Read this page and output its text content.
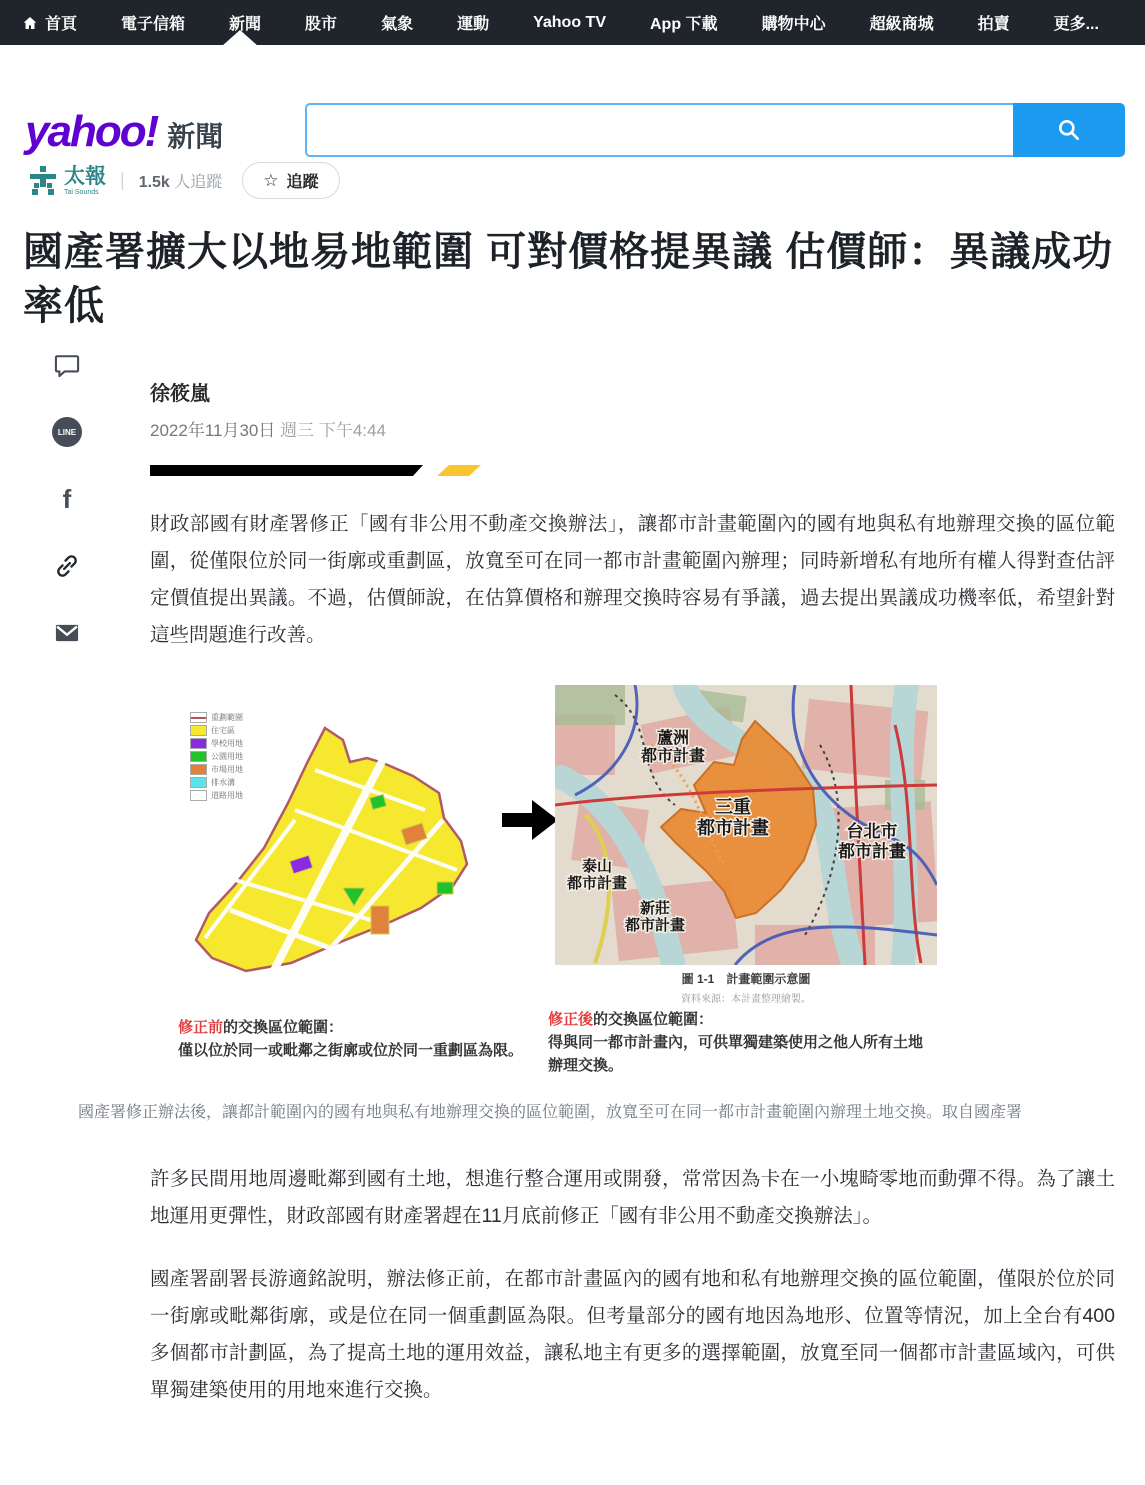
首頁	電子信箱	新聞	股市	氣象	運動	Yahoo TV	App 下載	購物中心	超級商城	拍賣	更多...
yahoo! 新聞
太報
Tai Sounds
| 1.5k 人追蹤 ☆ 追蹤
國產署擴大以地易地範圍 可對價格提異議 估價師：異議成功率低
LINE
f
徐筱嵐
2022年11月30日 週三 下午4:44

財政部國有財產署修正「國有非公用不動產交換辦法」，讓都市計畫範圍內的國有地與私有地辦理交換的區位範圍，從僅限位於同一街廓或重劃區，放寬至可在同一都市計畫範圍內辦理；同時新增私有地所有權人得對查估評定價值提出異議。不過，估價師說，在估算價格和辦理交換時容易有爭議，過去提出異議成功機率低，希望針對這些問題進行改善。

重劃範圍
住宅區
學校用地
公園用地
市場用地
排水溝
道路用地
蘆洲
都市計畫
三重
都市計畫	台北市
都市計畫
泰山
都市計畫
新莊
都市計畫
圖 1-1　計畫範圍示意圖
資料來源：本計畫整理繪製。
修正前的交換區位範圍：
僅以位於同一或毗鄰之街廓或位於同一重劃區為限。
修正後的交換區位範圍：
得與同一都市計畫內，可供單獨建築使用之他人所有土地辦理交換。

國產署修正辦法後，讓都計範圍內的國有地與私有地辦理交換的區位範圍，放寬至可在同一都市計畫範圍內辦理土地交換。取自國產署

許多民間用地周邊毗鄰到國有土地，想進行整合運用或開發，常常因為卡在一小塊畸零地而動彈不得。為了讓土地運用更彈性，財政部國有財產署趕在11月底前修正「國有非公用不動產交換辦法」。

國產署副署長游適銘說明，辦法修正前，在都市計畫區內的國有地和私有地辦理交換的區位範圍，僅限於位於同一街廓或毗鄰街廓，或是位在同一個重劃區為限。但考量部分的國有地因為地形、位置等情況，加上全台有400多個都市計劃區，為了提高土地的運用效益，讓私地主有更多的選擇範圍，放寬至同一個都市計畫區域內，可供單獨建築使用的用地來進行交換。
